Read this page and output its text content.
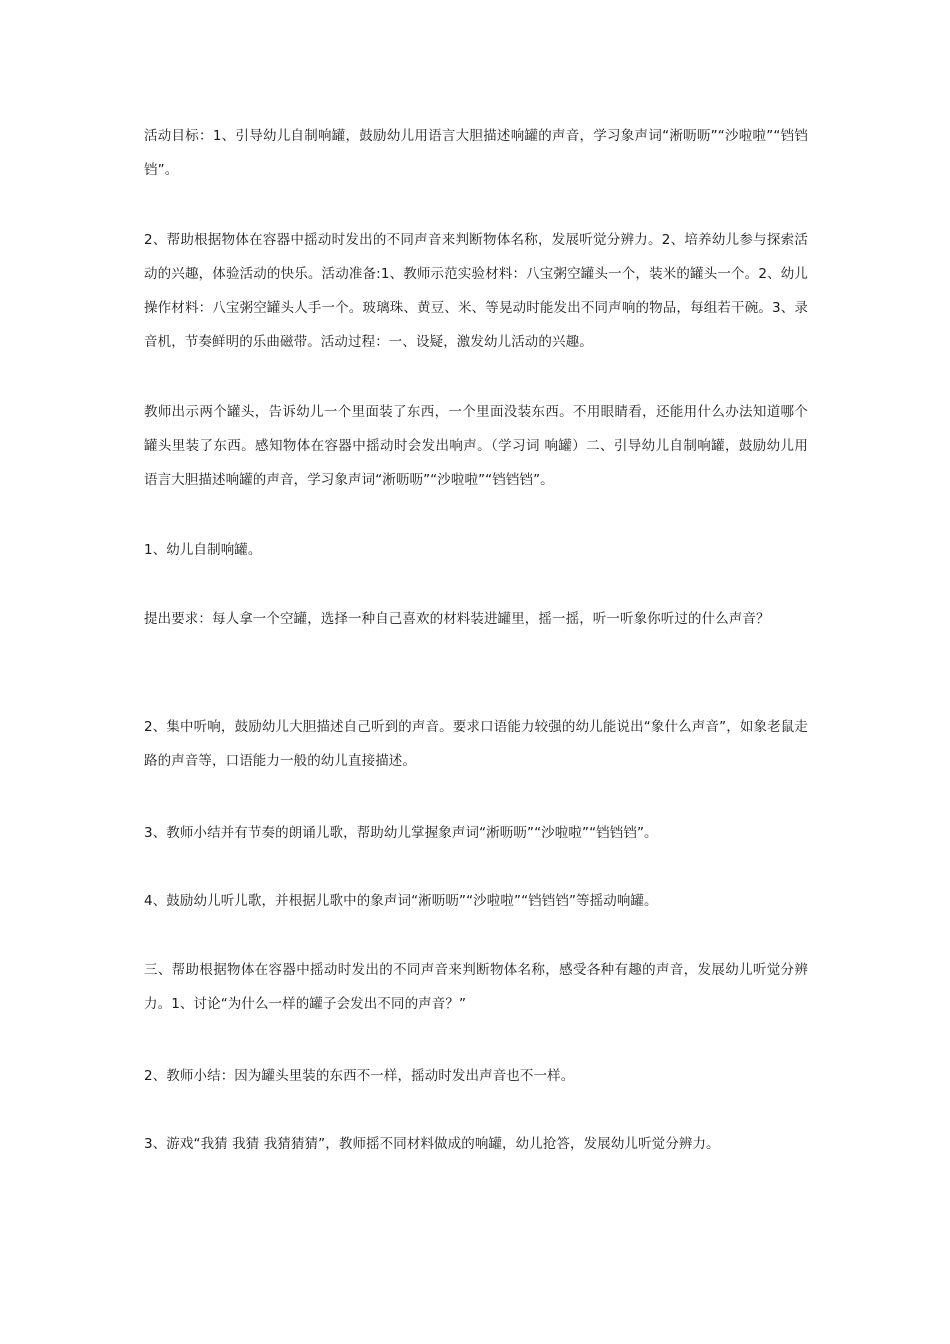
活动目标：1、引导幼儿自制响罐，鼓励幼儿用语言大胆描述响罐的声音，学习象声词“淅呖呖”“沙啦啦”“铛铛铛”。

2、帮助根据物体在容器中摇动时发出的不同声音来判断物体名称，发展听觉分辨力。2、培养幼儿参与探索活动的兴趣，体验活动的快乐。活动准备:1、教师示范实验材料：八宝粥空罐头一个，装米的罐头一个。2、幼儿操作材料：八宝粥空罐头人手一个。玻璃珠、黄豆、米、等晃动时能发出不同声响的物品，每组若干碗。3、录音机，节奏鲜明的乐曲磁带。活动过程：一、设疑，激发幼儿活动的兴趣。

教师出示两个罐头，告诉幼儿一个里面装了东西，一个里面没装东西。不用眼睛看，还能用什么办法知道哪个罐头里装了东西。感知物体在容器中摇动时会发出响声。（学习词 响罐）二、引导幼儿自制响罐，鼓励幼儿用语言大胆描述响罐的声音，学习象声词“淅呖呖”“沙啦啦”“铛铛铛”。

1、幼儿自制响罐。

提出要求：每人拿一个空罐，选择一种自己喜欢的材料装进罐里，摇一摇，听一听象你听过的什么声音？

2、集中听响，鼓励幼儿大胆描述自己听到的声音。要求口语能力较强的幼儿能说出“象什么声音”，如象老鼠走路的声音等，口语能力一般的幼儿直接描述。

3、教师小结并有节奏的朗诵儿歌，帮助幼儿掌握象声词“淅呖呖”“沙啦啦”“铛铛铛”。

4、鼓励幼儿听儿歌，并根据儿歌中的象声词“淅呖呖”“沙啦啦”“铛铛铛”等摇动响罐。

三、帮助根据物体在容器中摇动时发出的不同声音来判断物体名称，感受各种有趣的声音，发展幼儿听觉分辨力。1、讨论“为什么一样的罐子会发出不同的声音？”

2、教师小结：因为罐头里装的东西不一样，摇动时发出声音也不一样。

3、游戏“我猜 我猜 我猜猜猜”，教师摇不同材料做成的响罐，幼儿抢答，发展幼儿听觉分辨力。
